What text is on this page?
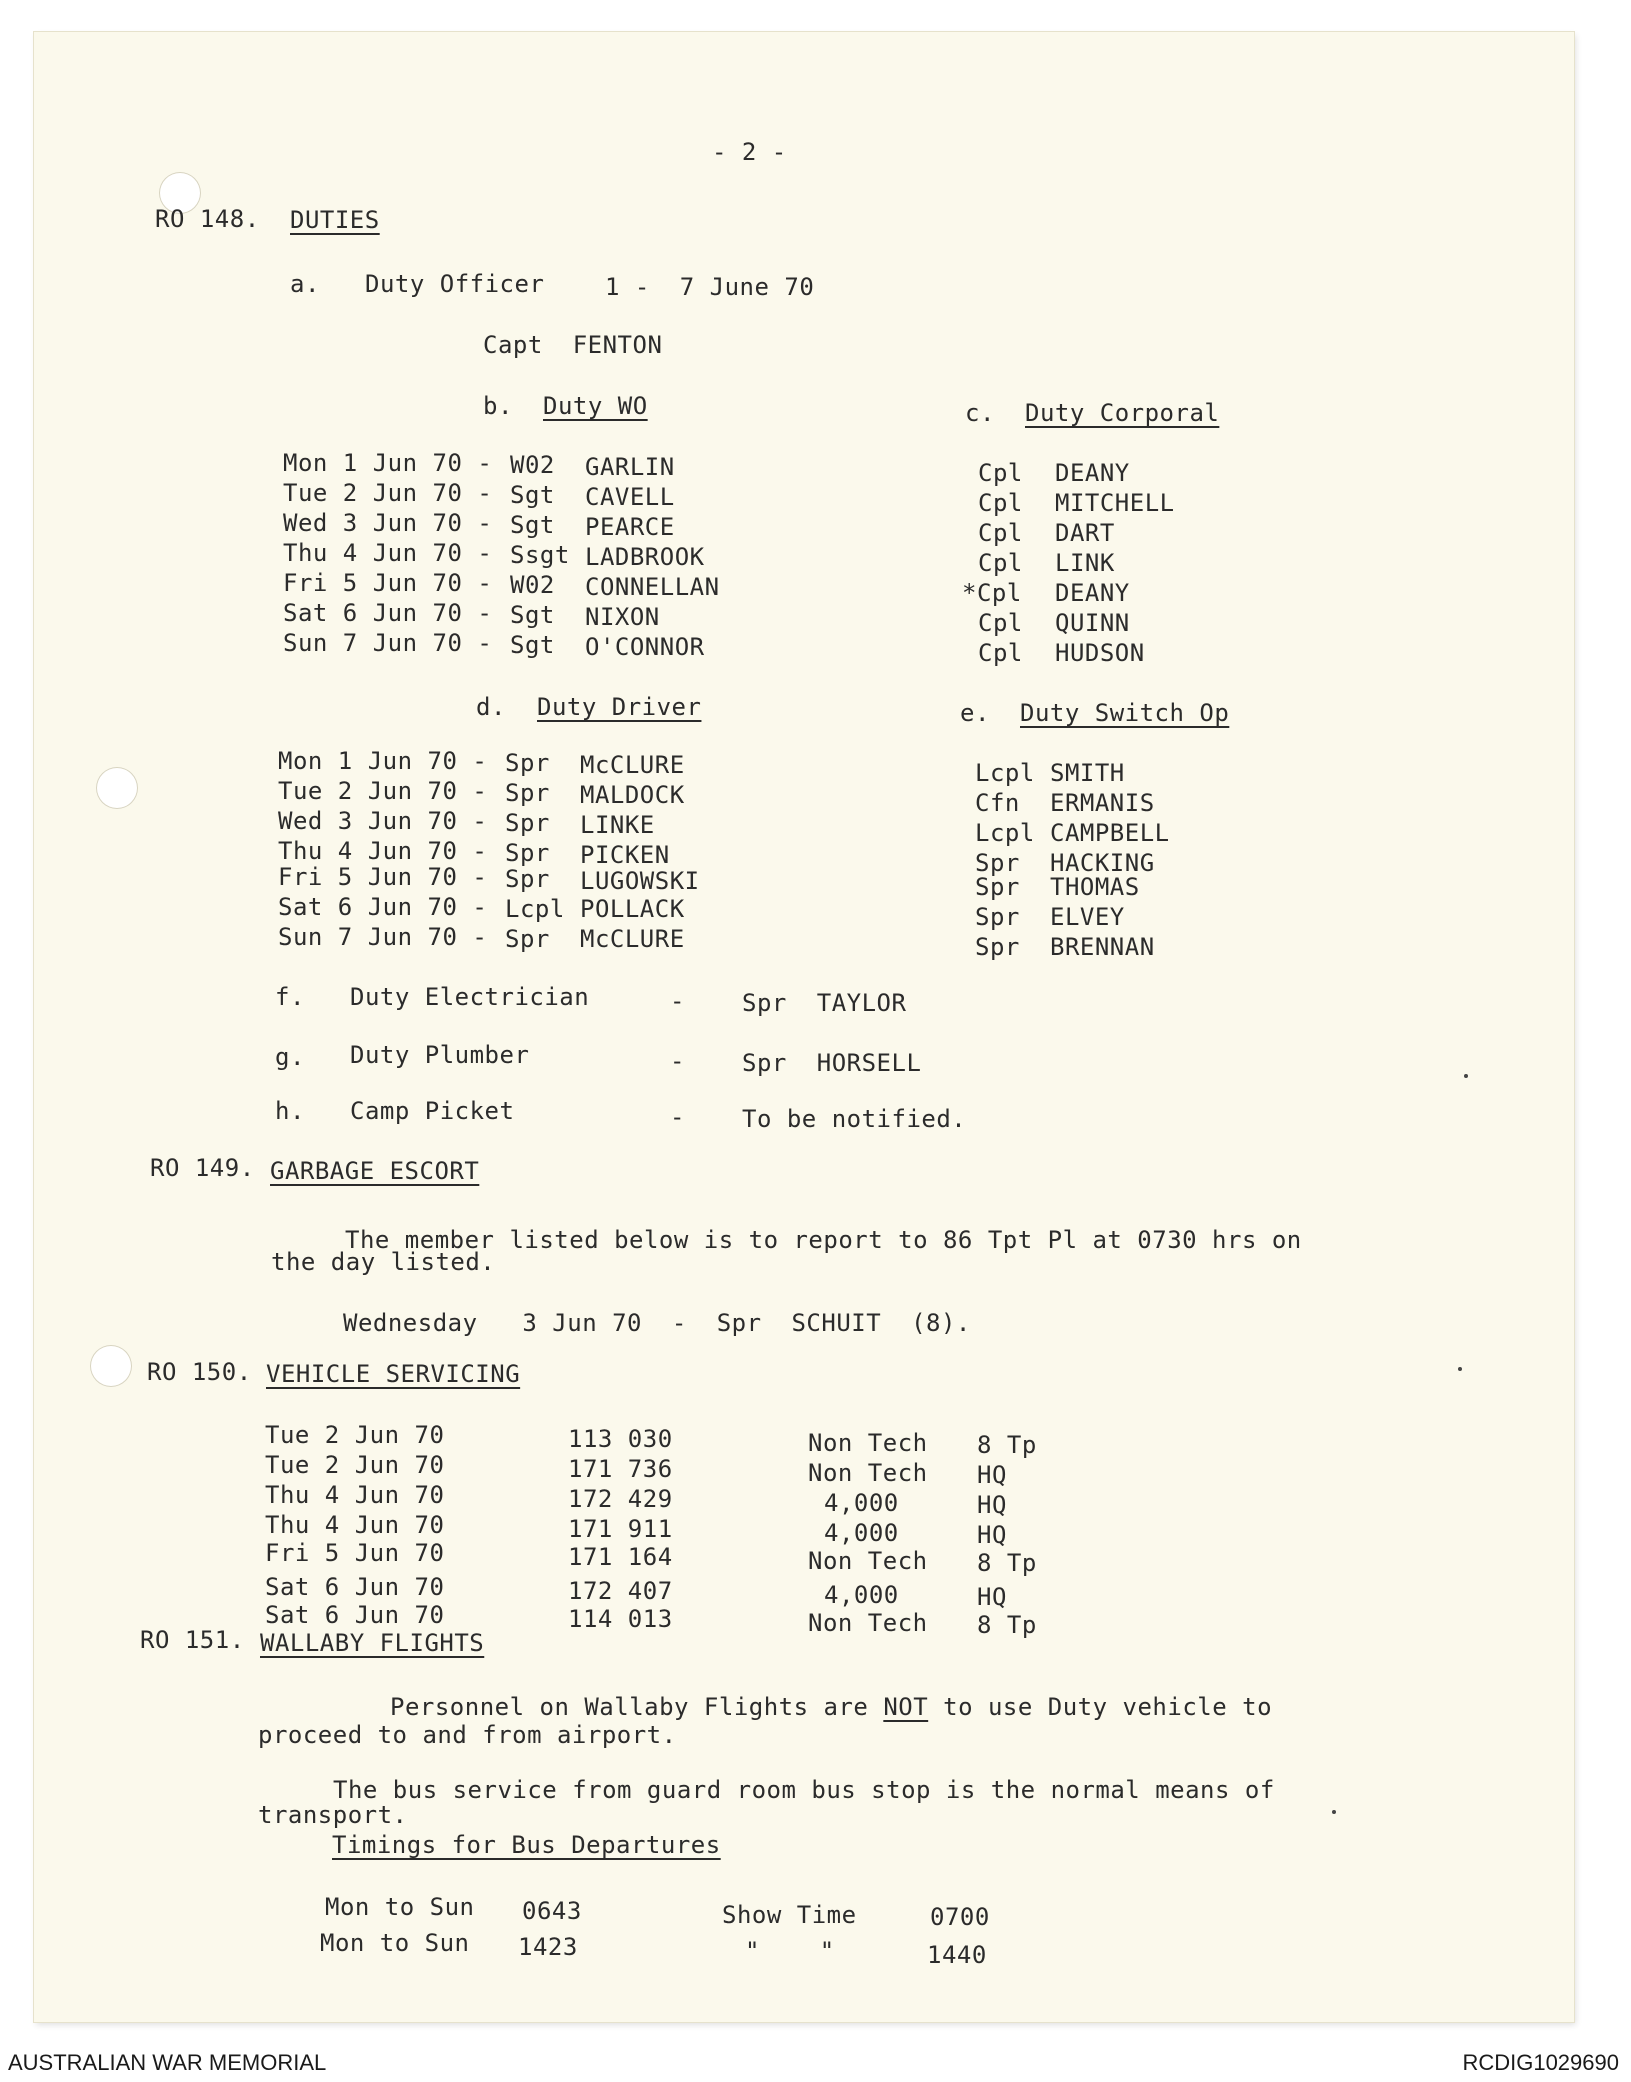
- 2 -
RO 148. DUTIES
a. Duty Officer	1 -  7 June 70
Capt  FENTON
b. Duty WO	c. Duty Corporal
Mon 1 Jun 70 - W02 GARLIN
Tue 2 Jun 70 - Sgt CAVELL
Wed 3 Jun 70 - Sgt PEARCE
Thu 4 Jun 70 - Ssgt LADBROOK
Fri 5 Jun 70 - W02 CONNELLAN
Sat 6 Jun 70 - Sgt NIXON
Sun 7 Jun 70 - Sgt O'CONNOR
Cpl DEANY
Cpl MITCHELL
Cpl DART
Cpl LINK
*Cpl DEANY
Cpl QUINN
Cpl HUDSON
d. Duty Driver	e. Duty Switch Op
Mon 1 Jun 70 - Spr McCLURE
Tue 2 Jun 70 - Spr MALDOCK
Wed 3 Jun 70 - Spr LINKE
Thu 4 Jun 70 - Spr PICKEN
Fri 5 Jun 70 - Spr LUGOWSKI
Sat 6 Jun 70 - Lcpl POLLACK
Sun 7 Jun 70 - Spr McCLURE
Lcpl SMITH
Cfn ERMANIS
Lcpl CAMPBELL
Spr HACKING
Spr THOMAS
Spr ELVEY
Spr BRENNAN
f. Duty Electrician	- Spr  TAYLOR
g. Duty Plumber	- Spr  HORSELL
h. Camp Picket	- To be notified.
RO 149. GARBAGE ESCORT
The member listed below is to report to 86 Tpt Pl at 0730 hrs on
the day listed.
Wednesday   3 Jun 70  -  Spr  SCHUIT  (8).
RO 150. VEHICLE SERVICING
Tue 2 Jun 70	113 030	Non Tech 8 Tp
Tue 2 Jun 70	171 736	Non Tech HQ
Thu 4 Jun 70	172 429	4,000	HQ
Thu 4 Jun 70	171 911	4,000	HQ
Fri 5 Jun 70	171 164	Non Tech 8 Tp
Sat 6 Jun 70	172 407	4,000	HQ
Sat 6 Jun 70	114 013	Non Tech 8 Tp
RO 151. WALLABY FLIGHTS
Personnel on Wallaby Flights are NOT to use Duty vehicle to
proceed to and from airport.
The bus service from guard room bus stop is the normal means of
transport.
Timings for Bus Departures
Mon to Sun 0643	Show Time	0700
Mon to Sun 1423	"    "	1440
AUSTRALIAN WAR MEMORIAL	RCDIG1029690
